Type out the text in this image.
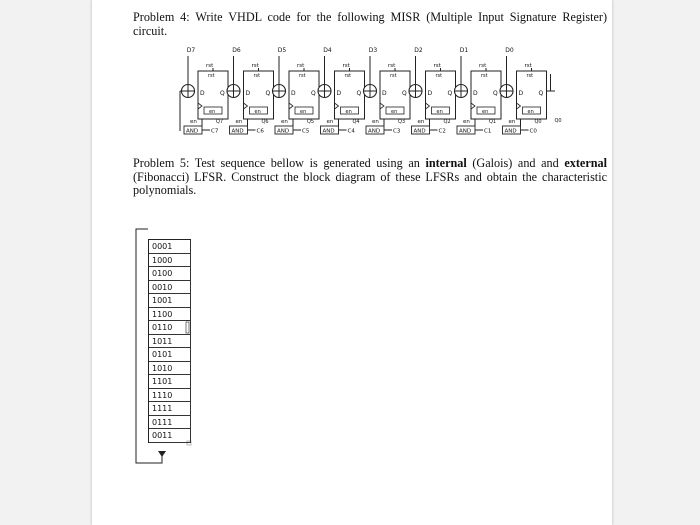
Problem 4: Write VHDL code for the following MISR (Multiple Input Signature Register) circuit.
D7
D	Q
rst
rst
en
en	Q7
AND C7
D6
D	Q
rst
rst
en
en	Q6
AND C6
D5
D	Q
rst
rst
en
en	Q5
AND C5
D4
D	Q
rst
rst
en
en	Q4
AND C4
D3
D	Q
rst
rst
en
en	Q3
AND C3
D2
D	Q
rst
rst
en
en	Q2
AND C2
D1
D	Q
rst
rst
en
en	Q1
AND C1
D0
D	Q
rst
rst
en
en	Q0
AND C0
Q0
Problem 5: Test sequence bellow is generated using an internal (Galois) and and external (Fibonacci) LFSR. Construct the block diagram of these LFSRs and obtain the characteristic polynomials.
0001
1000
0100
0010
1001
1100
0110
1011
0101
1010
1101
1110
1111
0111
0011
